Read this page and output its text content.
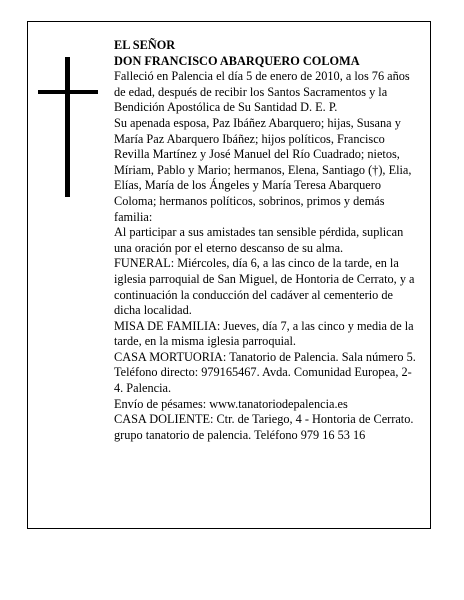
EL SEÑOR

DON FRANCISCO ABARQUERO COLOMA

Falleció en Palencia el día 5 de enero de 2010, a los 76 años de edad, después de recibir los Santos Sacramentos y la Bendición Apostólica de Su Santidad D. E. P.

Su apenada esposa, Paz Ibáñez Abarquero; hijas, Susana y María Paz Abarquero Ibáñez; hijos políticos, Francisco Revilla Martínez y José Manuel del Río Cuadrado; nietos, Míriam, Pablo y Mario; hermanos, Elena, Santiago (†), Elia, Elías, María de los Ángeles y María Teresa Abarquero Coloma; hermanos políticos, sobrinos, primos y demás familia:

Al participar a sus amistades tan sensible pérdida, suplican una oración por el eterno descanso de su alma.

FUNERAL: Miércoles, día 6, a las cinco de la tarde, en la iglesia parroquial de San Miguel, de Hontoria de Cerrato, y a continuación la conducción del cadáver al cementerio de dicha localidad.

MISA DE FAMILIA: Jueves, día 7, a las cinco y media de la tarde, en la misma iglesia parroquial.

CASA MORTUORIA: Tanatorio de Palencia. Sala número 5. Teléfono directo: 979165467. Avda. Comunidad Europea, 2-4. Palencia.

Envío de pésames: www.tanatoriodepalencia.es

CASA DOLIENTE: Ctr. de Tariego, 4 - Hontoria de Cerrato.

grupo tanatorio de palencia. Teléfono 979 16 53 16
